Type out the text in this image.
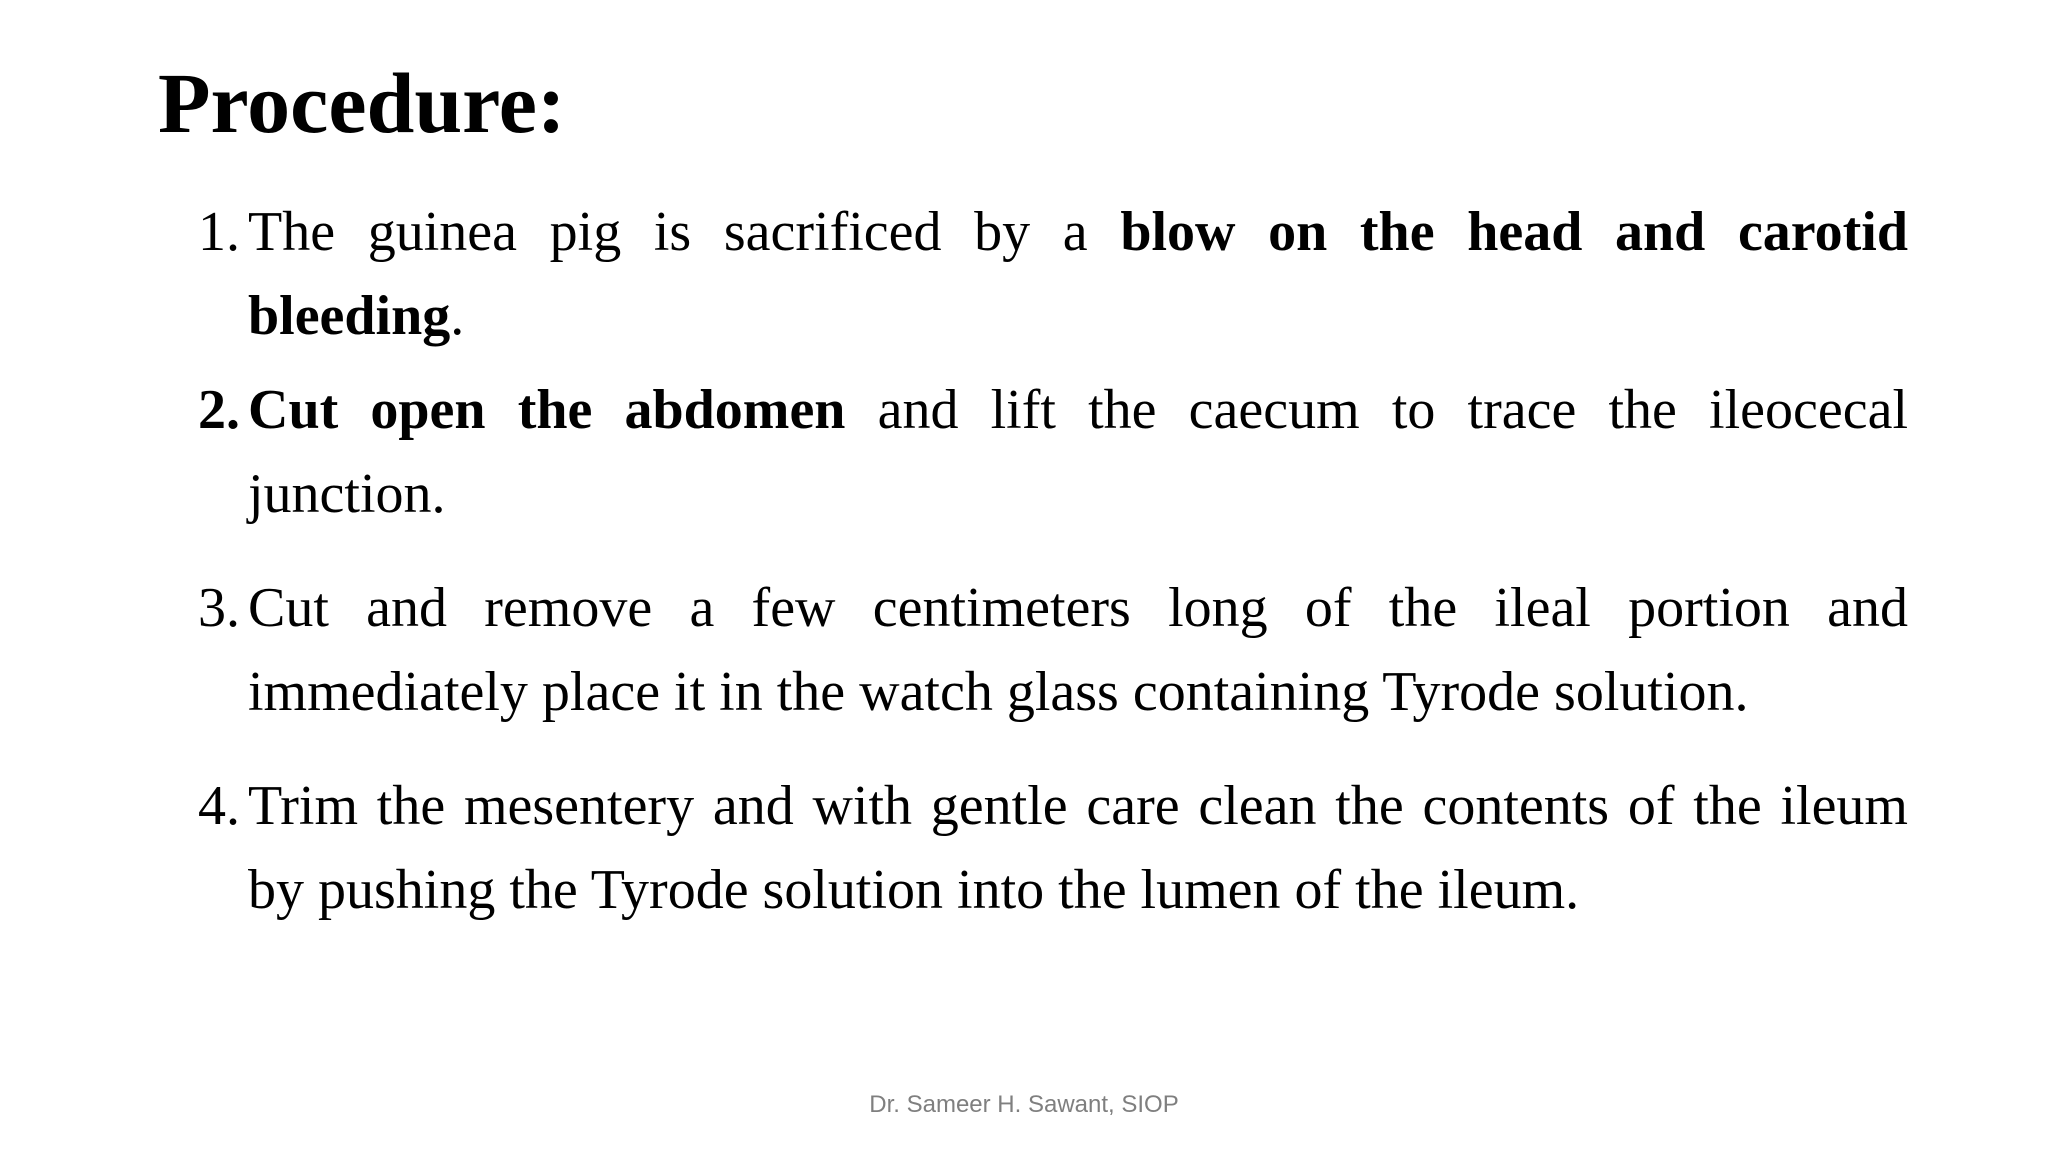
Procedure:
1. The guinea pig is sacrificed by a blow on the head and carotid bleeding.
2. Cut open the abdomen and lift the caecum to trace the ileocecal junction.
3. Cut and remove a few centimeters long of the ileal portion and immediately place it in the watch glass containing Tyrode solution.
4. Trim the mesentery and with gentle care clean the contents of the ileum by pushing the Tyrode solution into the lumen of the ileum.
Dr. Sameer H. Sawant, SIOP
